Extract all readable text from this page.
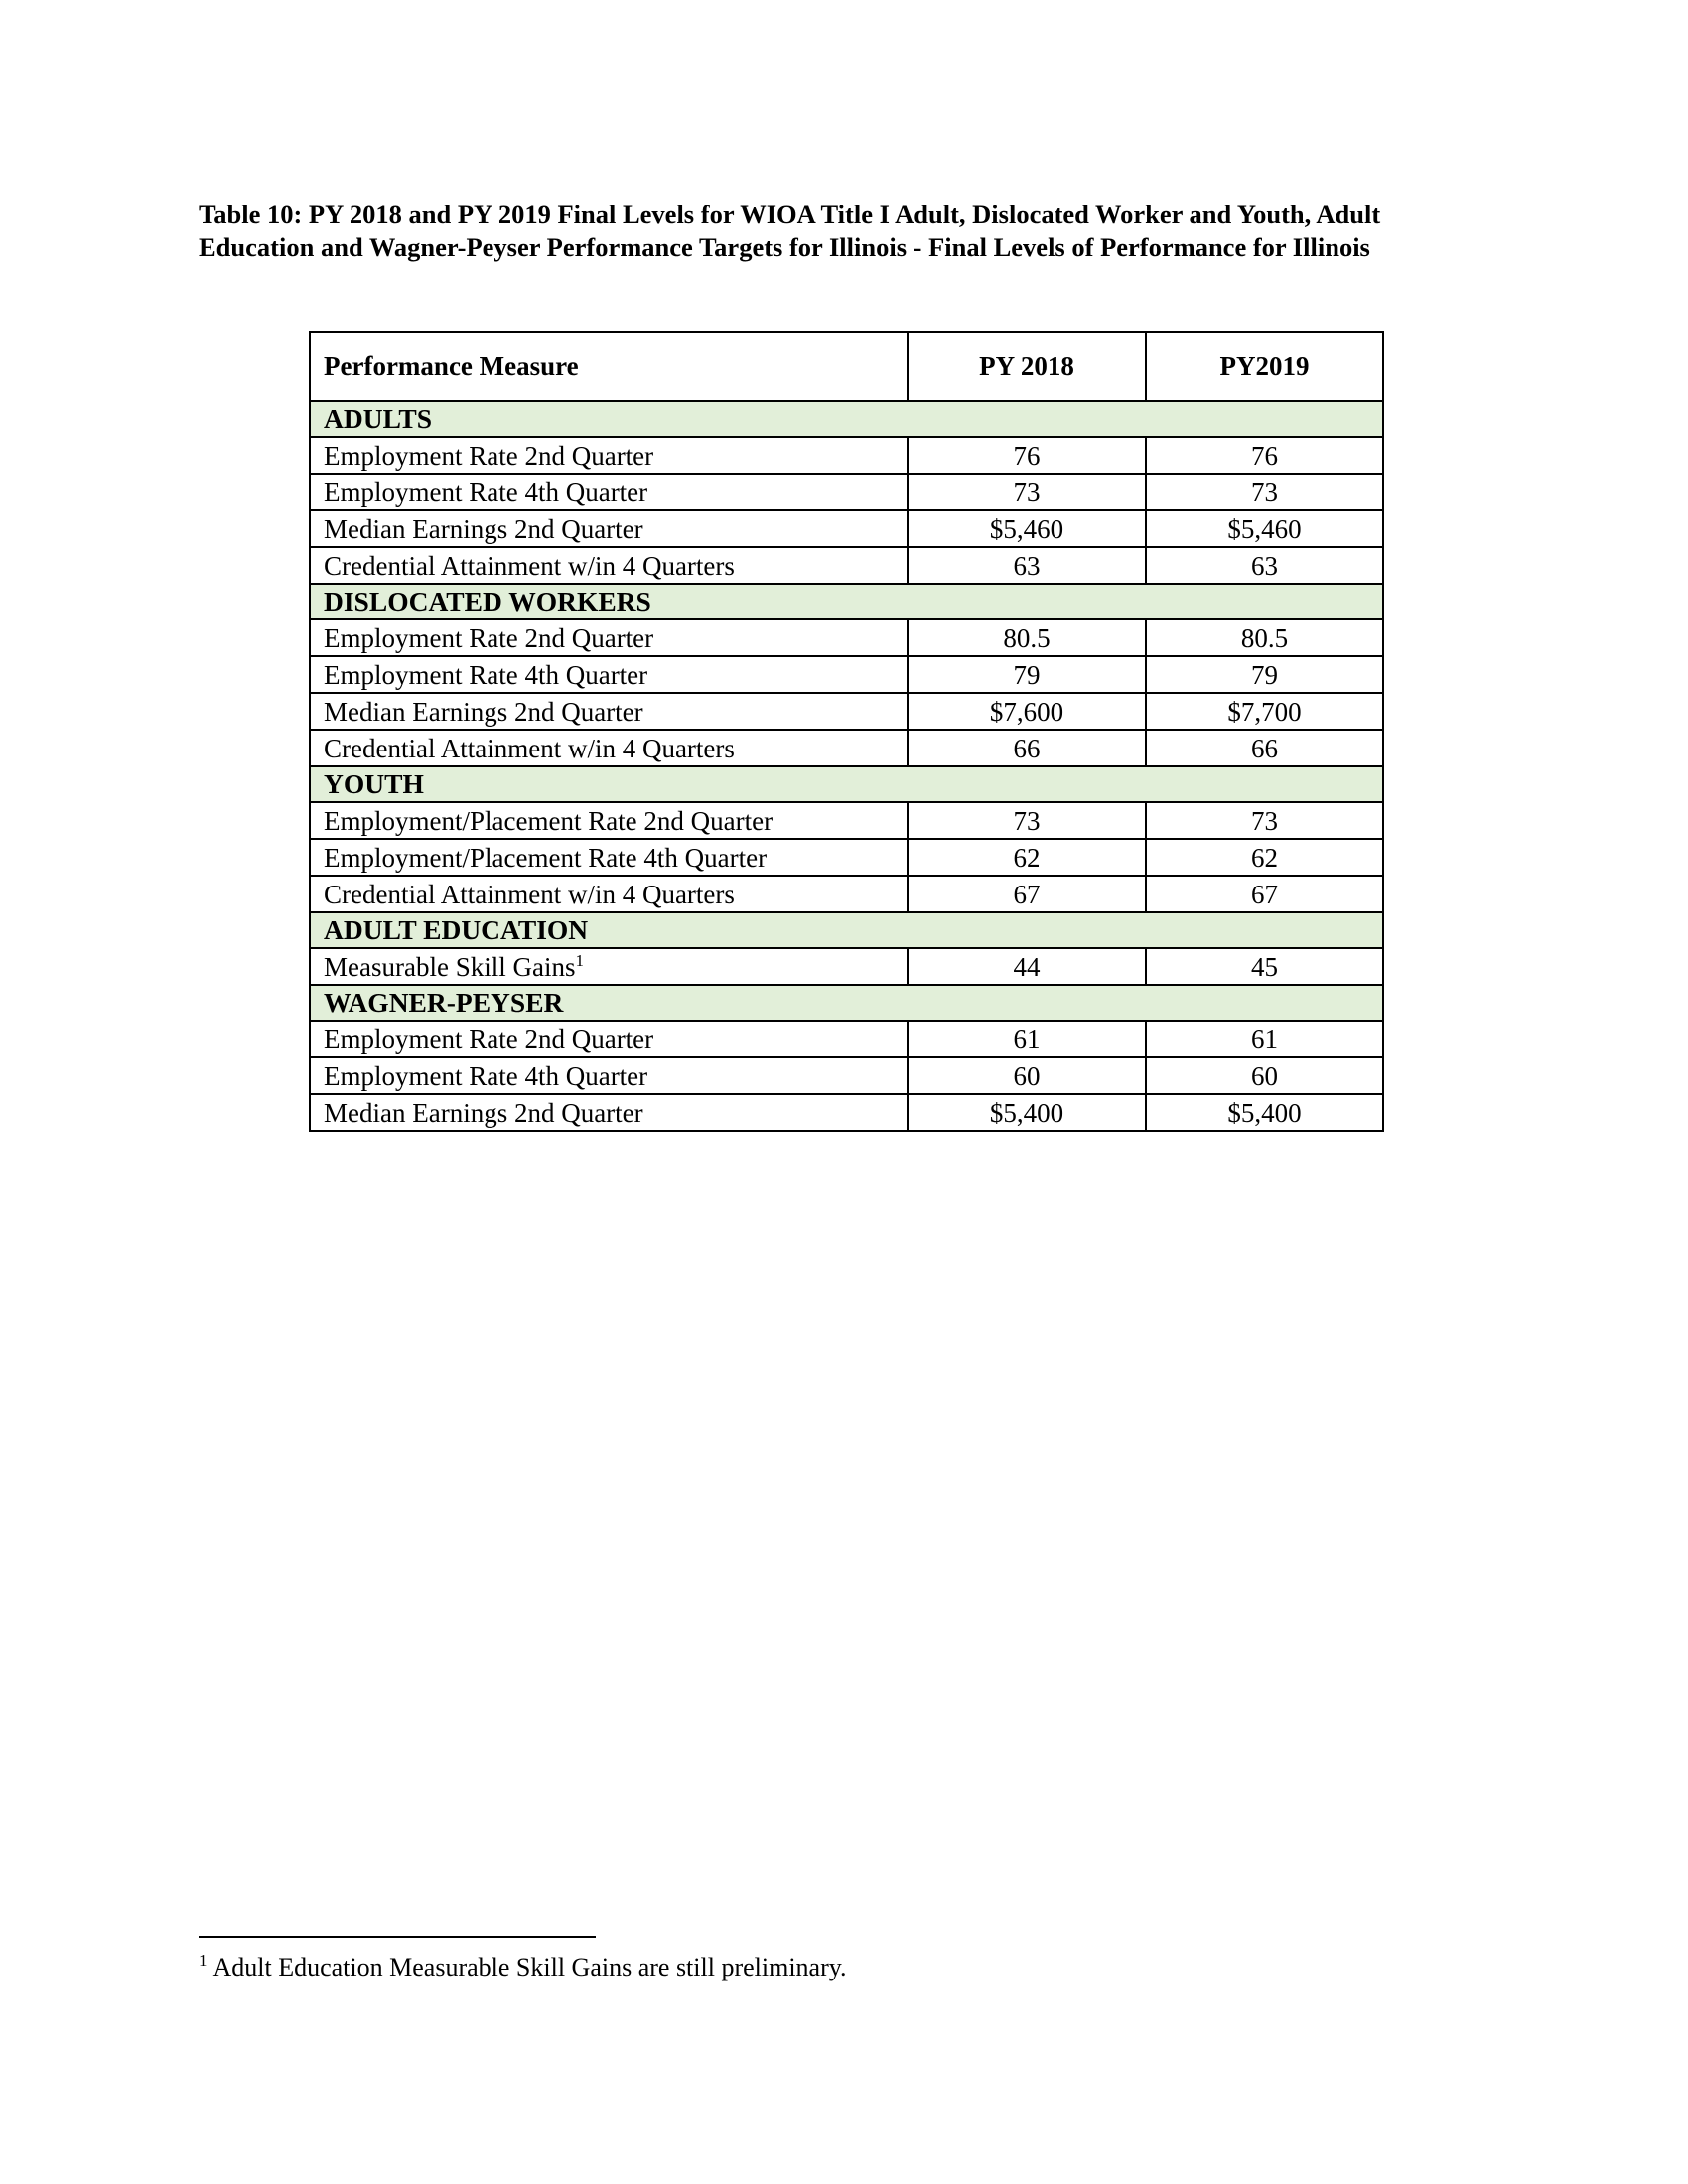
Table 10: PY 2018 and PY 2019 Final Levels for WIOA Title I Adult, Dislocated Worker and Youth, Adult Education and Wagner-Peyser Performance Targets for Illinois - Final Levels of Performance for Illinois

Performance Measure	PY 2018	PY2019
ADULTS		
Employment Rate 2nd Quarter	76	76
Employment Rate 4th Quarter	73	73
Median Earnings 2nd Quarter	$5,460	$5,460
Credential Attainment w/in 4 Quarters	63	63
DISLOCATED WORKERS		
Employment Rate 2nd Quarter	80.5	80.5
Employment Rate 4th Quarter	79	79
Median Earnings 2nd Quarter	$7,600	$7,700
Credential Attainment w/in 4 Quarters	66	66
YOUTH		
Employment/Placement Rate 2nd Quarter	73	73
Employment/Placement Rate 4th Quarter	62	62
Credential Attainment w/in 4 Quarters	67	67
ADULT EDUCATION		
Measurable Skill Gains$^1$	44	45
WAGNER-PEYSER		
Employment Rate 2nd Quarter	61	61
Employment Rate 4th Quarter	60	60
Median Earnings 2nd Quarter	$5,400	$5,400

$^1$ Adult Education Measurable Skill Gains are still preliminary.
